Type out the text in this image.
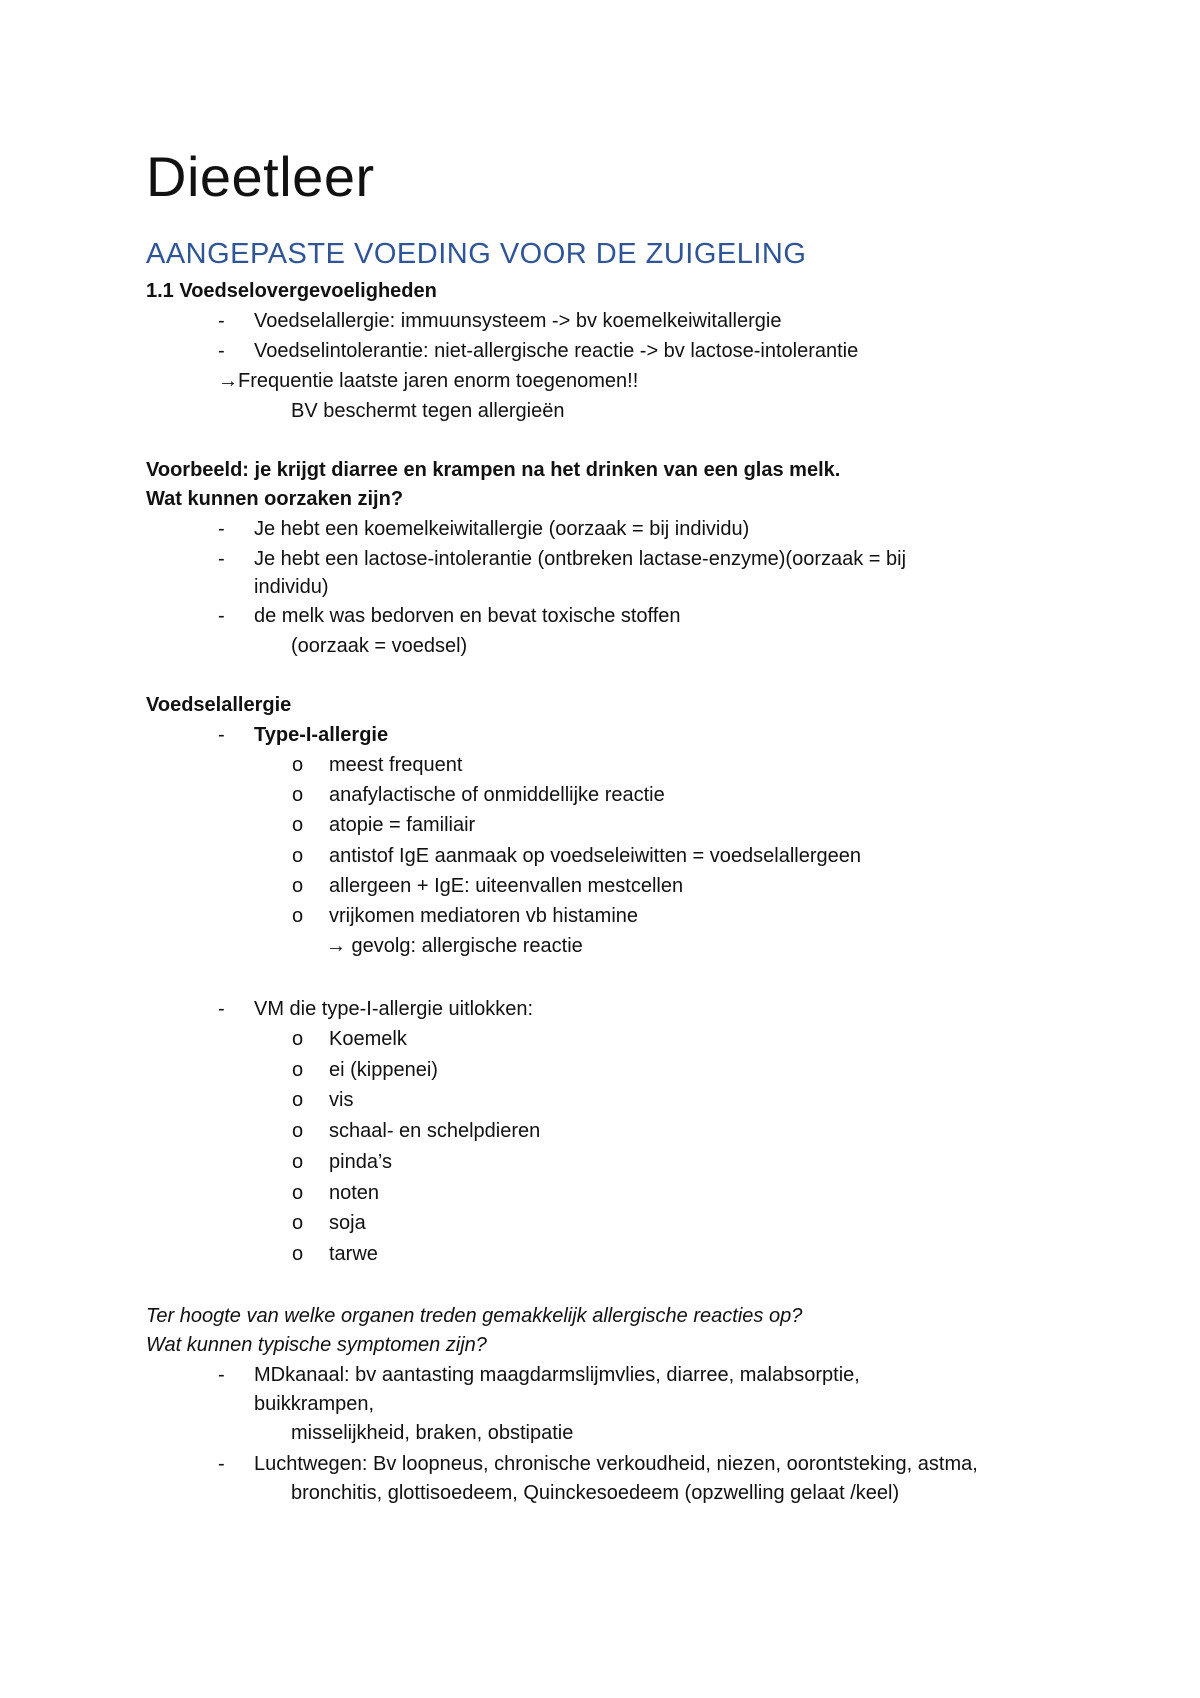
Dieetleer
AANGEPASTE VOEDING VOOR DE ZUIGELING
1.1 Voedselovergevoeligheden
- Voedselallergie: immuunsysteem -> bv koemelkeiwitallergie
- Voedselintolerantie: niet-allergische reactie -> bv lactose-intolerantie
→Frequentie laatste jaren enorm toegenomen!!
BV beschermt tegen allergieën
Voorbeeld: je krijgt diarree en krampen na het drinken van een glas melk.
Wat kunnen oorzaken zijn?
- Je hebt een koemelkeiwitallergie (oorzaak = bij individu)
- Je hebt een lactose-intolerantie (ontbreken lactase-enzyme)(oorzaak = bij
individu)
- de melk was bedorven en bevat toxische stoffen
(oorzaak = voedsel)
Voedselallergie
- Type-I-allergie
o meest frequent
o anafylactische of onmiddellijke reactie
o atopie = familiair
o antistof IgE aanmaak op voedseleiwitten = voedselallergeen
o allergeen + IgE: uiteenvallen mestcellen
o vrijkomen mediatoren vb histamine
→ gevolg: allergische reactie
- VM die type-I-allergie uitlokken:
o Koemelk
o ei (kippenei)
o vis
o schaal- en schelpdieren
o pinda’s
o noten
o soja
o tarwe
Ter hoogte van welke organen treden gemakkelijk allergische reacties op?
Wat kunnen typische symptomen zijn?
- MDkanaal: bv aantasting maagdarmslijmvlies, diarree, malabsorptie,
buikkrampen,
misselijkheid, braken, obstipatie
- Luchtwegen: Bv loopneus, chronische verkoudheid, niezen, oorontsteking, astma,
bronchitis, glottisoedeem, Quinckesoedeem (opzwelling gelaat /keel)
